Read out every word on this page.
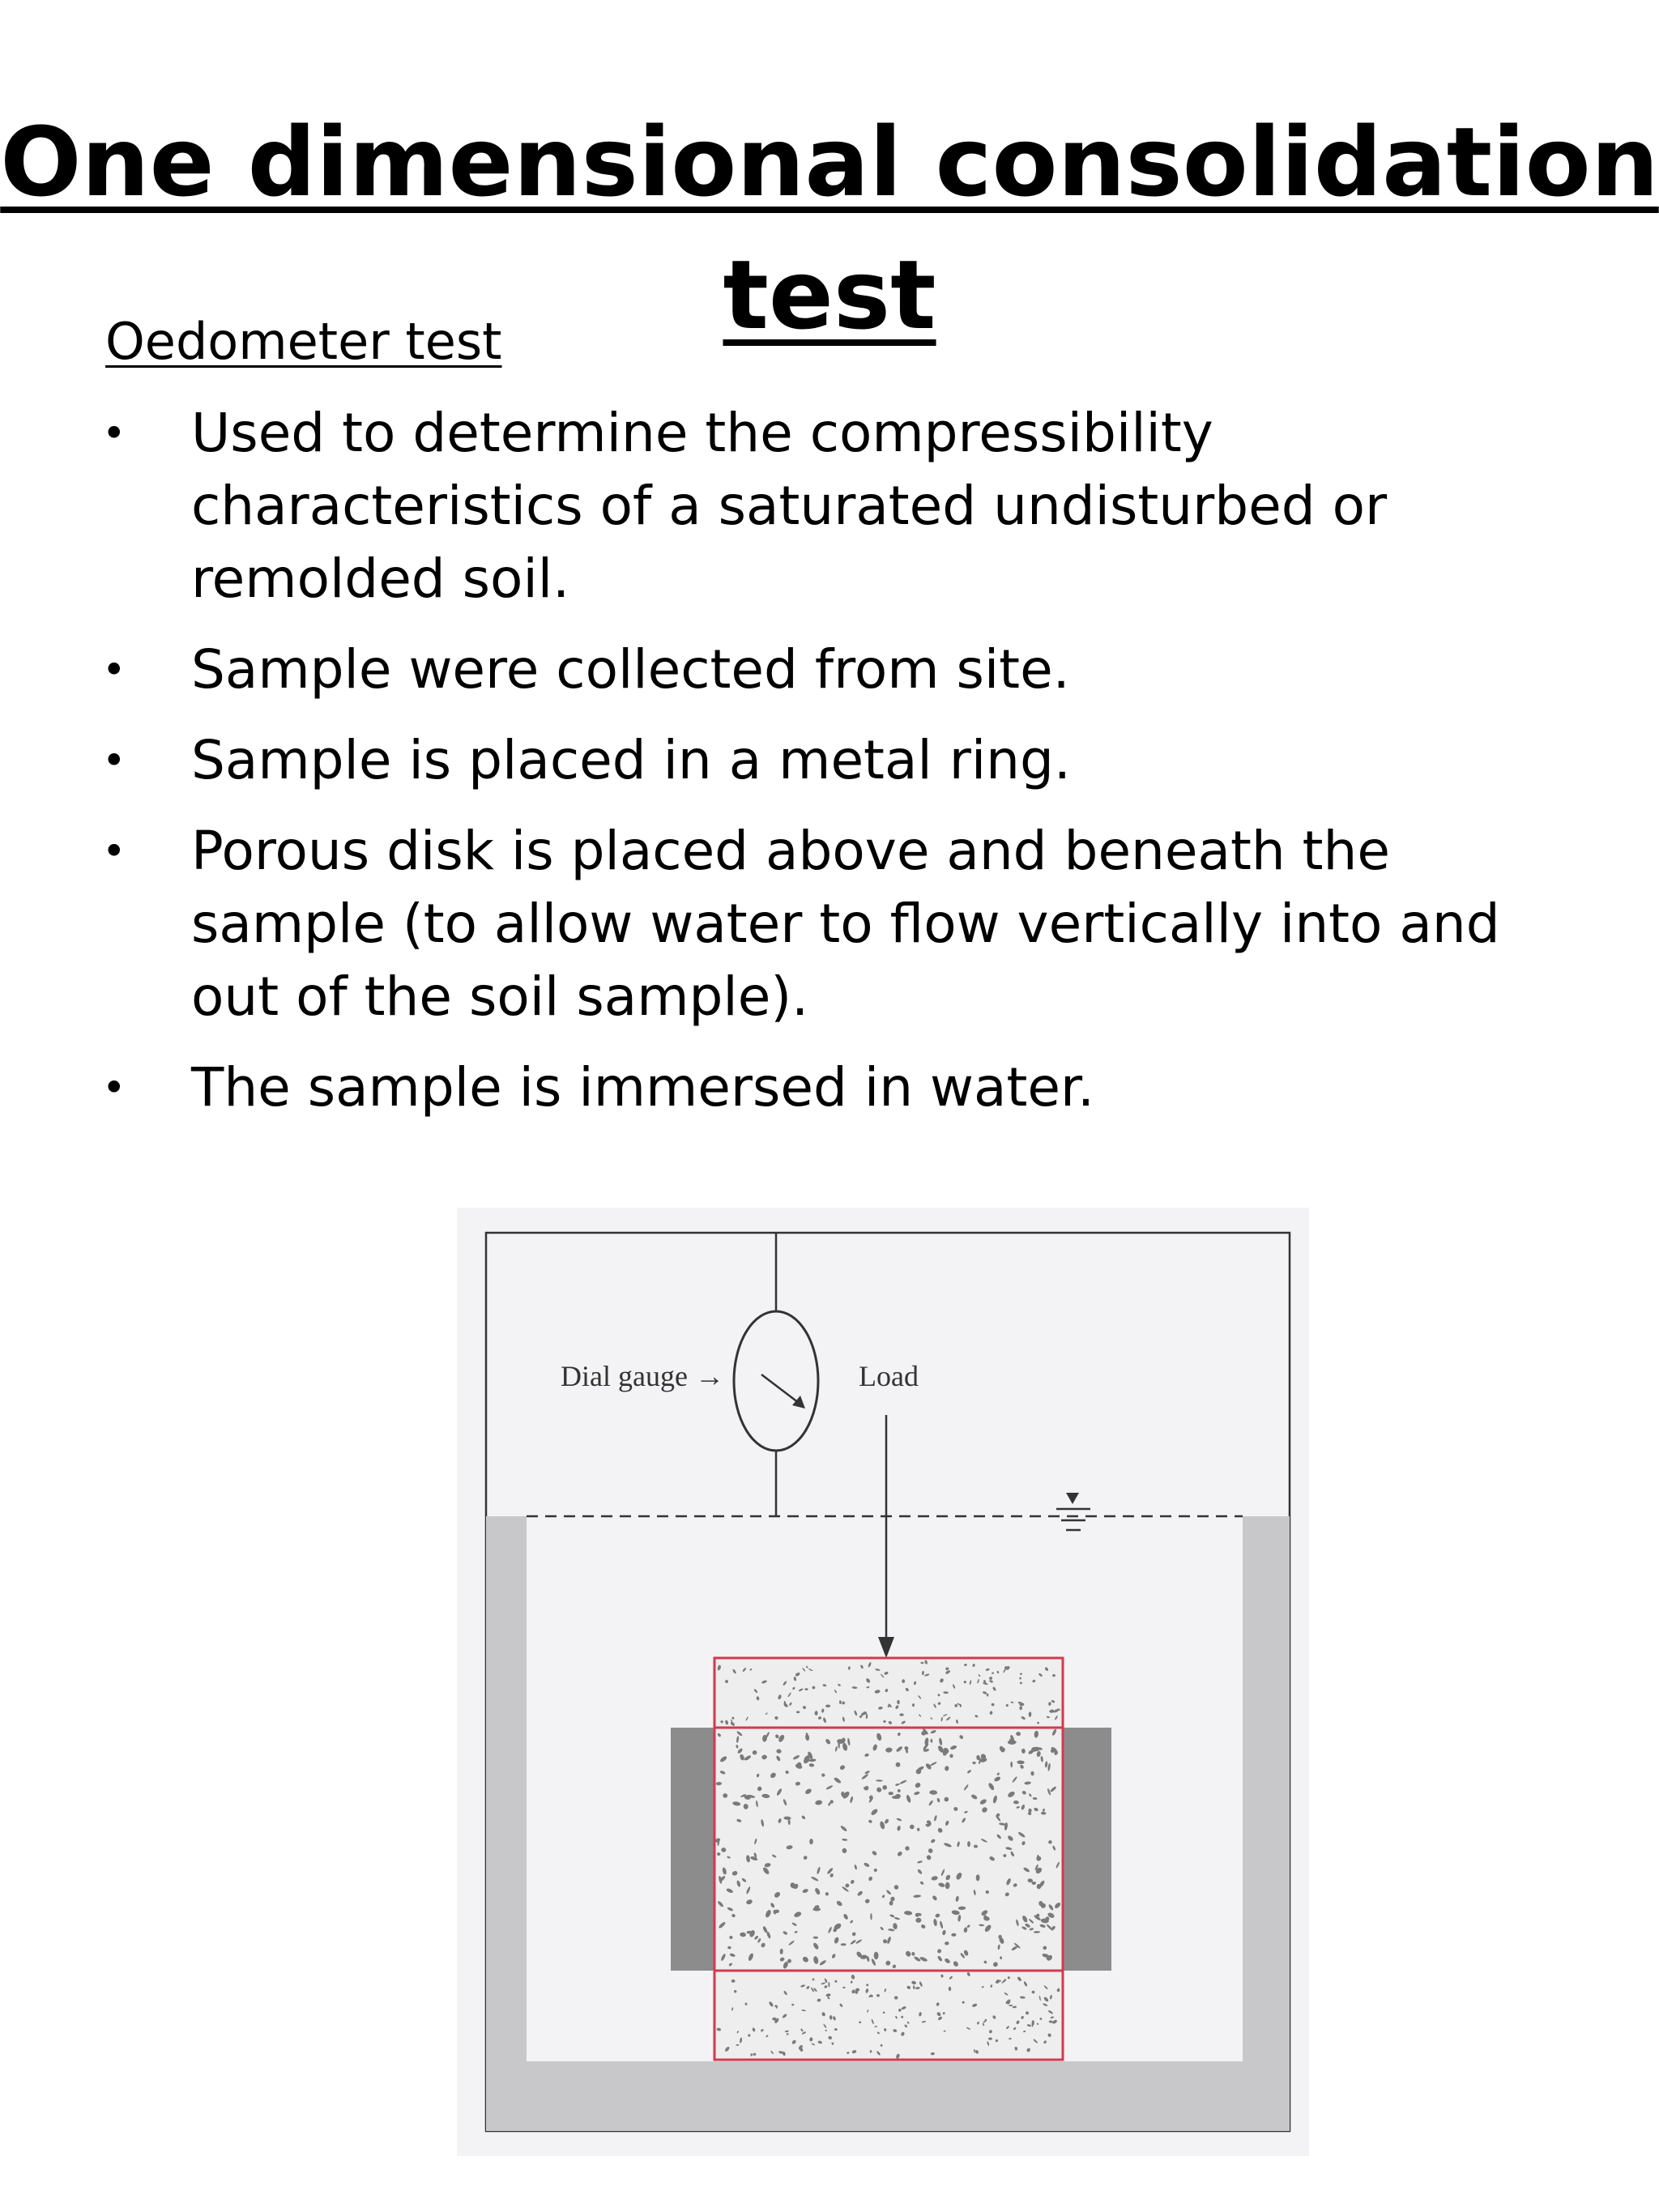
One dimensional consolidation
test
Oedometer test
• Used to determine the compressibility characteristics of a saturated undisturbed or remolded soil.
• Sample were collected from site.
• Sample is placed in a metal ring.
• Porous disk is placed above and beneath the sample (to allow water to flow vertically into and out of the soil sample).
• The sample is immersed in water.
Dial gauge →	Load
